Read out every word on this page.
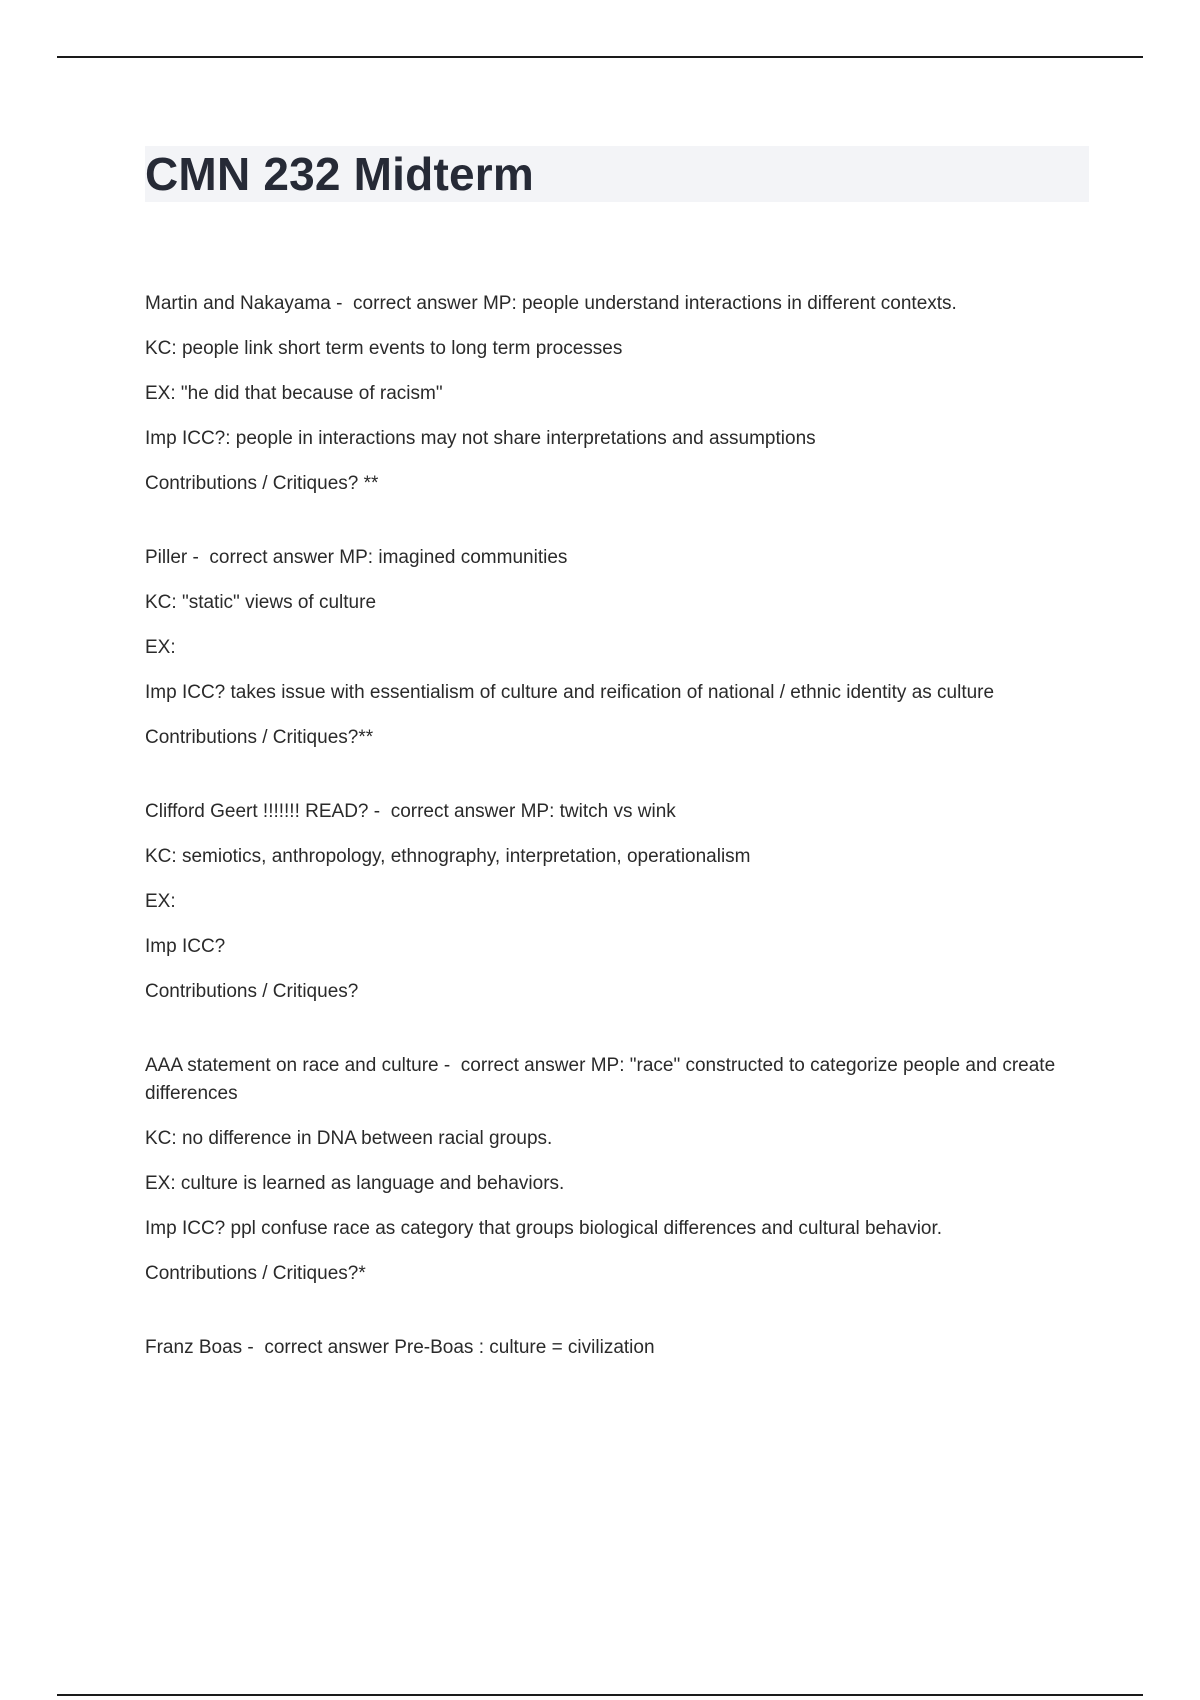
CMN 232 Midterm
Martin and Nakayama -  correct answer MP: people understand interactions in different contexts.
KC: people link short term events to long term processes
EX: "he did that because of racism"
Imp ICC?: people in interactions may not share interpretations and assumptions
Contributions / Critiques? **
Piller -  correct answer MP: imagined communities
KC: "static" views of culture
EX:
Imp ICC? takes issue with essentialism of culture and reification of national / ethnic identity as culture
Contributions / Critiques?**
Clifford Geert !!!!!!! READ? -  correct answer MP: twitch vs wink
KC: semiotics, anthropology, ethnography, interpretation, operationalism
EX:
Imp ICC?
Contributions / Critiques?
AAA statement on race and culture -  correct answer MP: "race" constructed to categorize people and create differences
KC: no difference in DNA between racial groups.
EX: culture is learned as language and behaviors.
Imp ICC? ppl confuse race as category that groups biological differences and cultural behavior.
Contributions / Critiques?*
Franz Boas -  correct answer Pre-Boas : culture = civilization
